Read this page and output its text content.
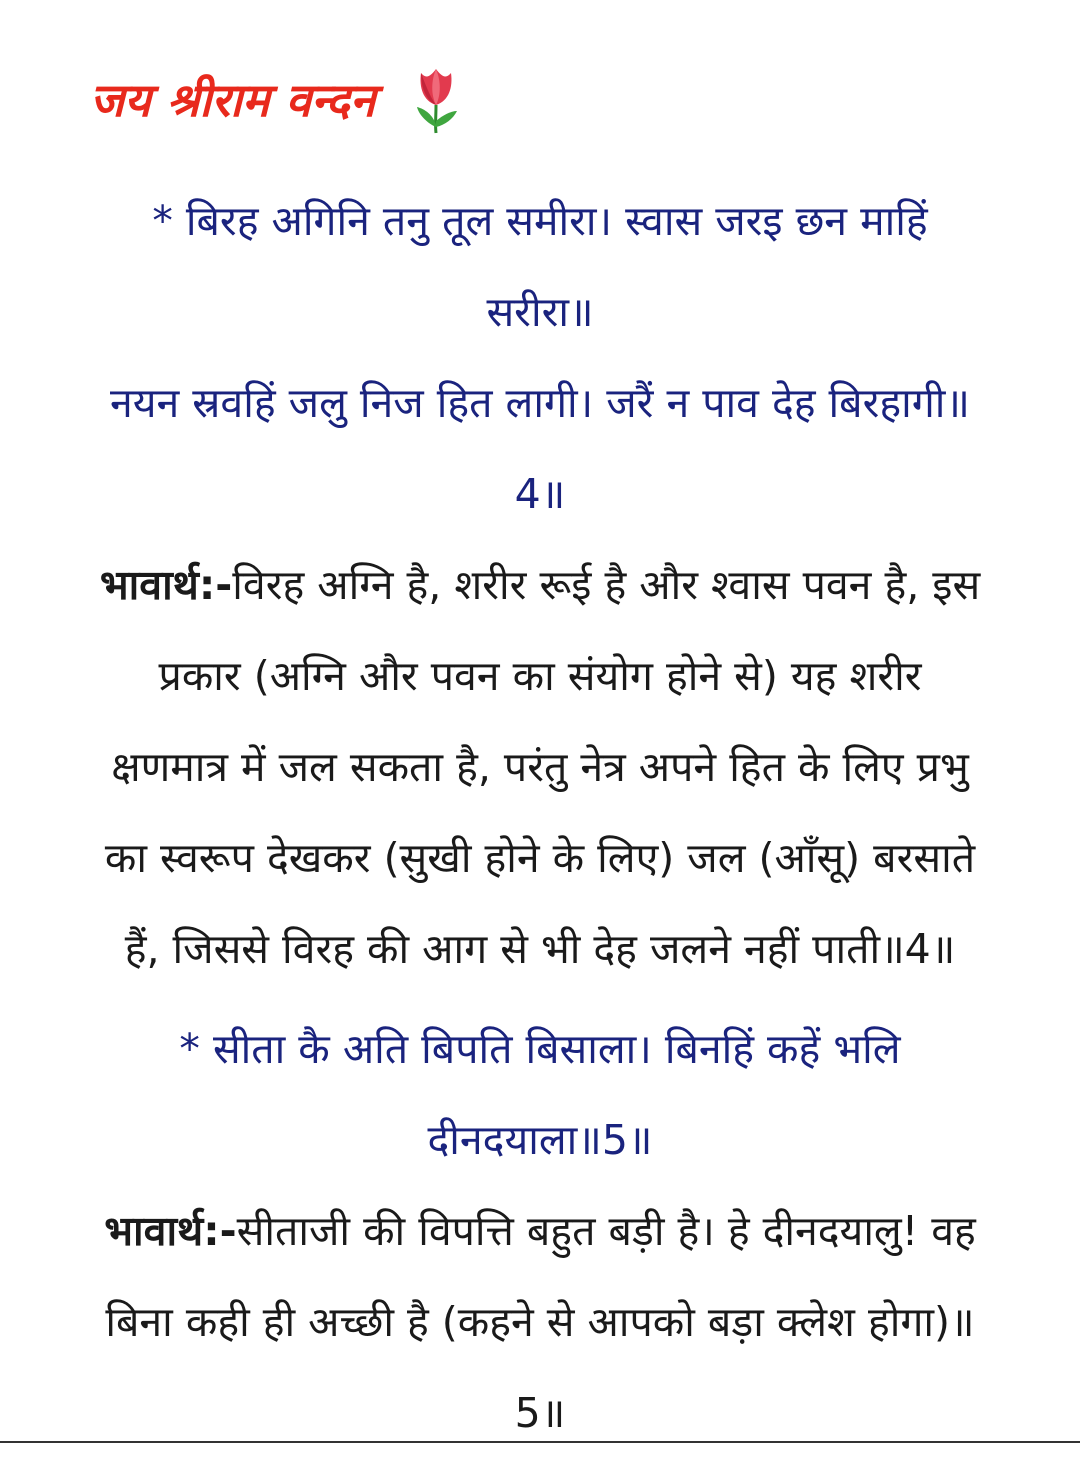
जय श्रीराम वन्दन
* बिरह अगिनि तनु तूल समीरा। स्वास जरइ छन माहिं
सरीरा॥
नयन स्रवहिं जलु निज हित लागी। जरैं न पाव देह बिरहागी॥
4॥
भावार्थ:-विरह अग्नि है, शरीर रूई है और श्वास पवन है, इस
प्रकार (अग्नि और पवन का संयोग होने से) यह शरीर
क्षणमात्र में जल सकता है, परंतु नेत्र अपने हित के लिए प्रभु
का स्वरूप देखकर (सुखी होने के लिए) जल (आँसू) बरसाते
हैं, जिससे विरह की आग से भी देह जलने नहीं पाती॥4॥
* सीता कै अति बिपति बिसाला। बिनहिं कहें भलि
दीनदयाला॥5॥
भावार्थ:-सीताजी की विपत्ति बहुत बड़ी है। हे दीनदयालु! वह
बिना कही ही अच्छी है (कहने से आपको बड़ा क्लेश होगा)॥
5॥
